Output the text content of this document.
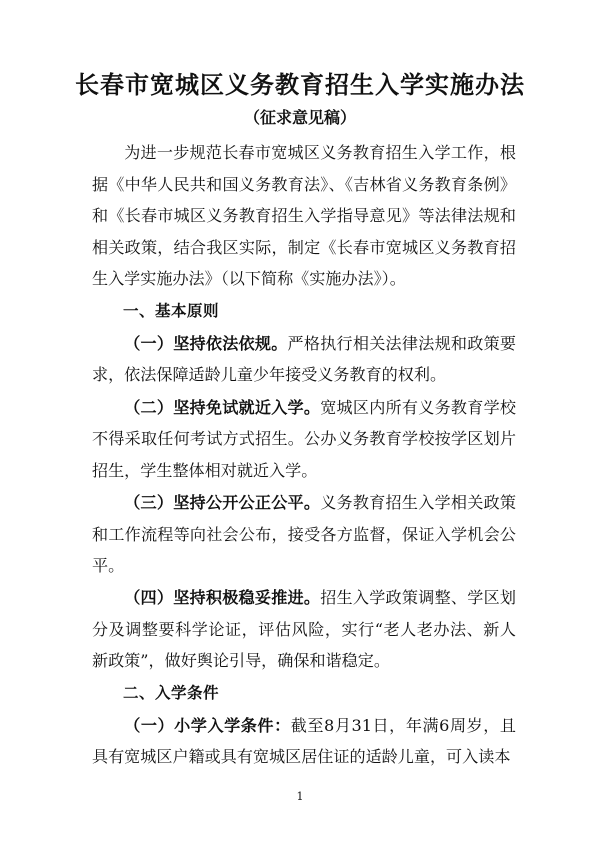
长春市宽城区义务教育招生入学实施办法
（征求意见稿）

为进一步规范长春市宽城区义务教育招生入学工作，根据《中华人民共和国义务教育法》、《吉林省义务教育条例》和《长春市城区义务教育招生入学指导意见》等法律法规和相关政策，结合我区实际，制定《长春市宽城区义务教育招生入学实施办法》（以下简称《实施办法》）。

一、基本原则

（一）坚持依法依规。严格执行相关法律法规和政策要求，依法保障适龄儿童少年接受义务教育的权利。

（二）坚持免试就近入学。宽城区内所有义务教育学校不得采取任何考试方式招生。公办义务教育学校按学区划片招生，学生整体相对就近入学。

（三）坚持公开公正公平。义务教育招生入学相关政策和工作流程等向社会公布，接受各方监督，保证入学机会公平。

（四）坚持积极稳妥推进。招生入学政策调整、学区划分及调整要科学论证，评估风险，实行“老人老办法、新人新政策”，做好舆论引导，确保和谐稳定。

二、入学条件

（一）小学入学条件：截至8月31日，年满6周岁，且具有宽城区户籍或具有宽城区居住证的适龄儿童，可入读本

1
